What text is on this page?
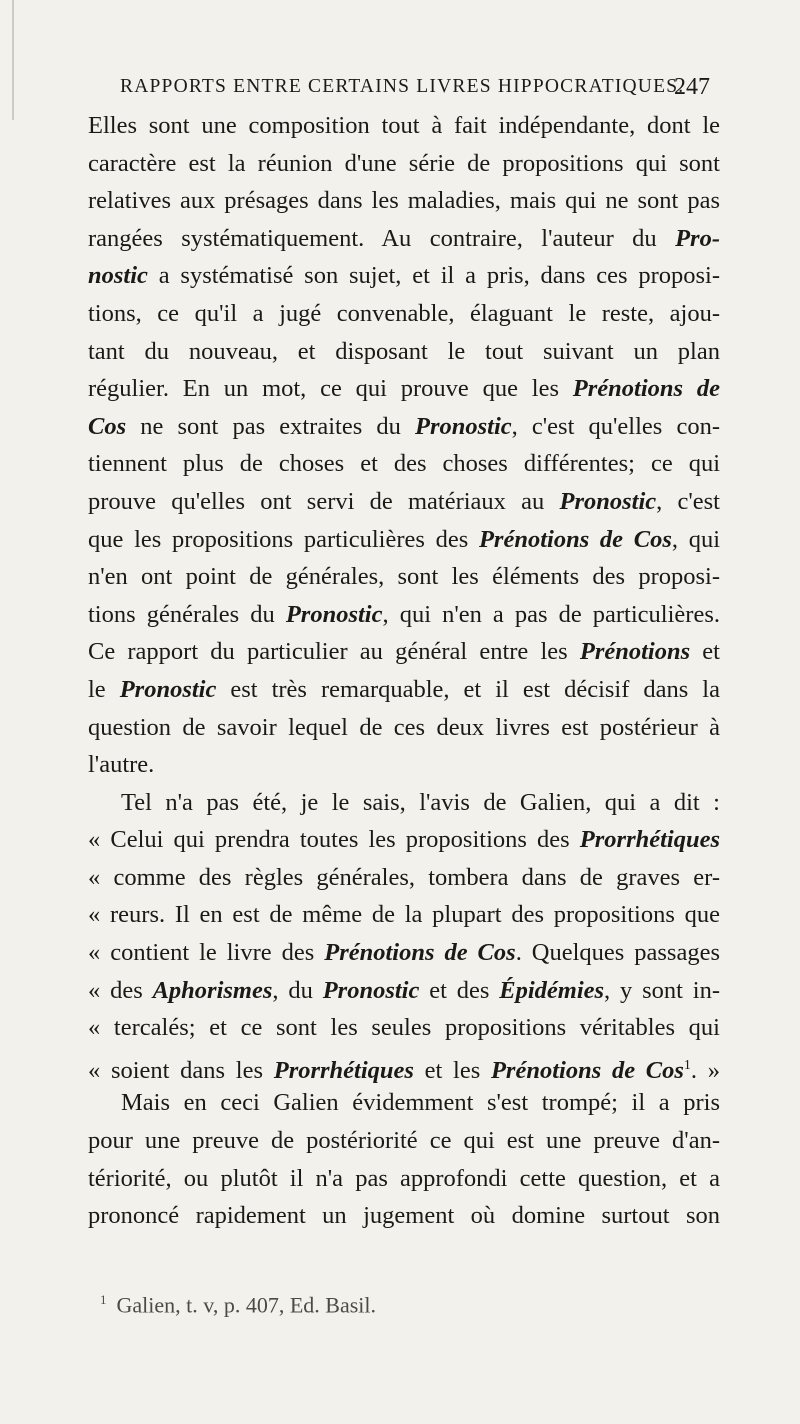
RAPPORTS ENTRE CERTAINS LIVRES HIPPOCRATIQUES.
247
Elles sont une composition tout à fait indépendante, dont le
caractère est la réunion d'une série de propositions qui sont
relatives aux présages dans les maladies, mais qui ne sont pas
rangées systématiquement. Au contraire, l'auteur du Pro-
nostic a systématisé son sujet, et il a pris, dans ces proposi-
tions, ce qu'il a jugé convenable, élaguant le reste, ajou-
tant du nouveau, et disposant le tout suivant un plan
régulier. En un mot, ce qui prouve que les Prénotions de
Cos ne sont pas extraites du Pronostic, c'est qu'elles con-
tiennent plus de choses et des choses différentes; ce qui
prouve qu'elles ont servi de matériaux au Pronostic, c'est
que les propositions particulières des Prénotions de Cos, qui
n'en ont point de générales, sont les éléments des proposi-
tions générales du Pronostic, qui n'en a pas de particulières.
Ce rapport du particulier au général entre les Prénotions et
le Pronostic est très remarquable, et il est décisif dans la
question de savoir lequel de ces deux livres est postérieur à
l'autre.
Tel n'a pas été, je le sais, l'avis de Galien, qui a dit :
« Celui qui prendra toutes les propositions des Prorrhétiques
« comme des règles générales, tombera dans de graves er-
« reurs. Il en est de même de la plupart des propositions que
« contient le livre des Prénotions de Cos. Quelques passages
« des Aphorismes, du Pronostic et des Épidémies, y sont in-
« tercalés; et ce sont les seules propositions véritables qui
« soient dans les Prorrhétiques et les Prénotions de Cos$^1$. »
Mais en ceci Galien évidemment s'est trompé; il a pris
pour une preuve de postériorité ce qui est une preuve d'an-
tériorité, ou plutôt il n'a pas approfondi cette question, et a
prononcé rapidement un jugement où domine surtout son
$^1$ Galien, t. v, p. 407, Ed. Basil.
